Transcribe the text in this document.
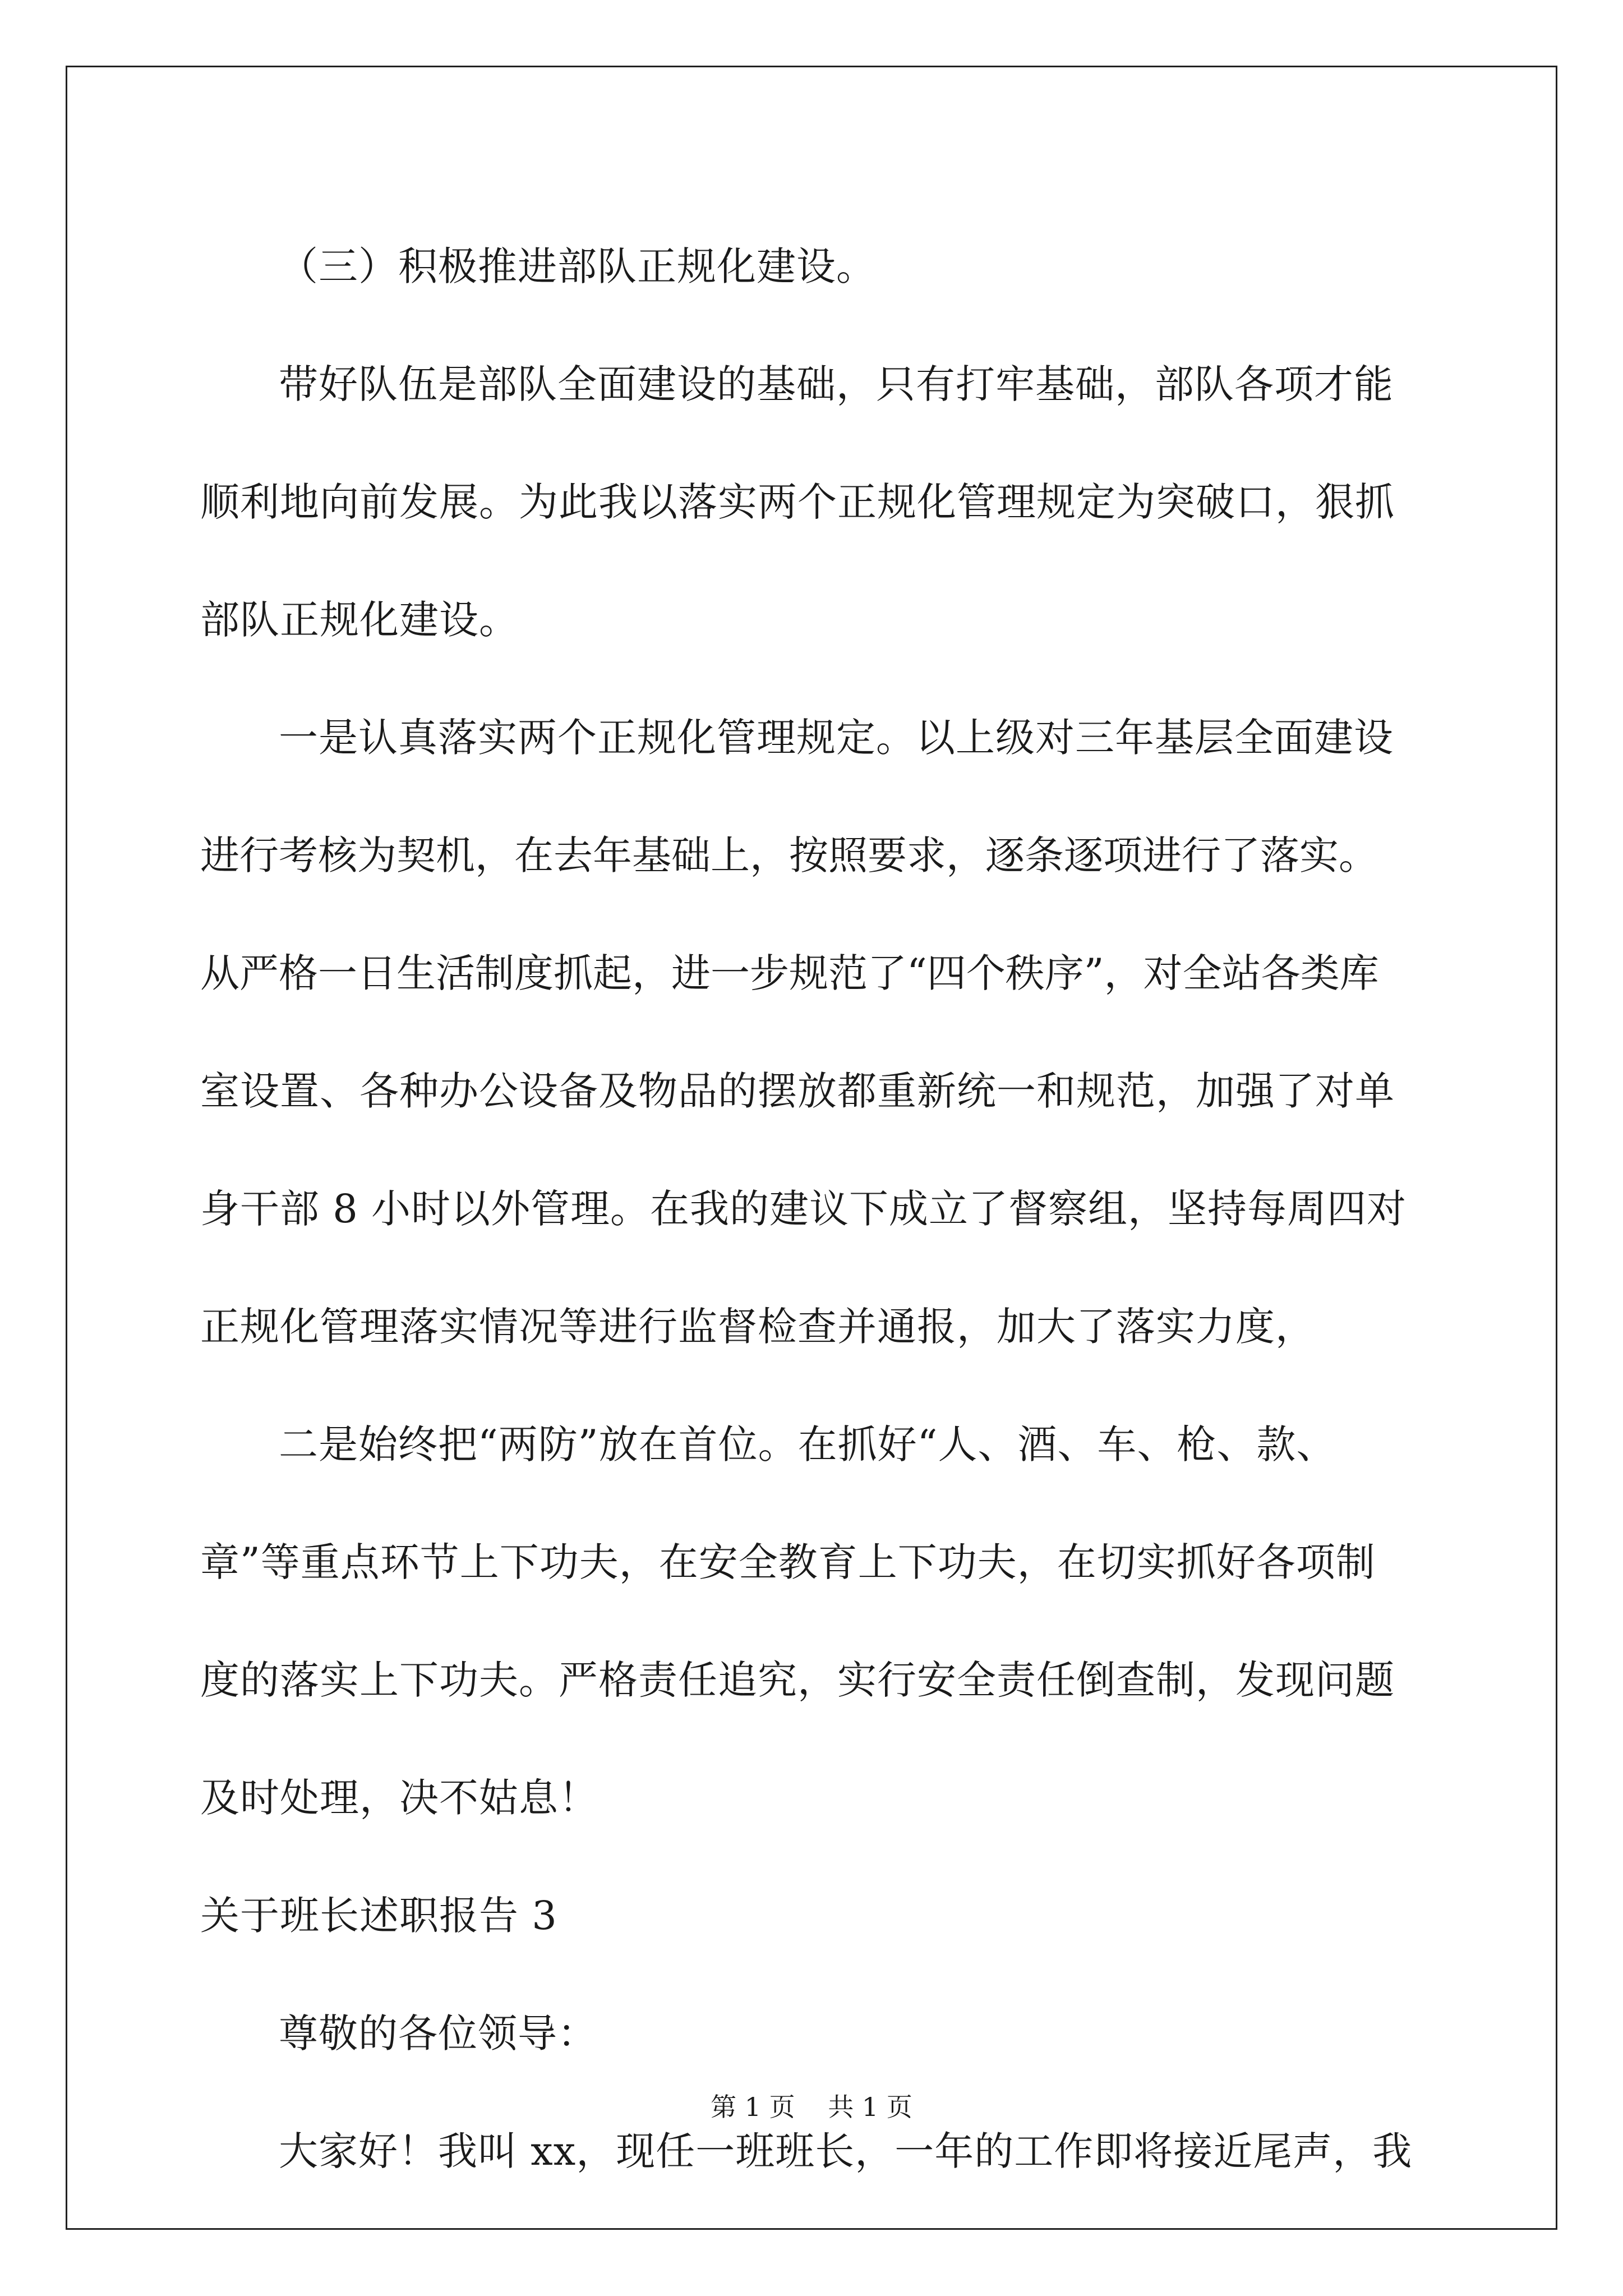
（三）积极推进部队正规化建设。
带好队伍是部队全面建设的基础，只有打牢基础，部队各项才能
顺利地向前发展。为此我以落实两个正规化管理规定为突破口，狠抓
部队正规化建设。
一是认真落实两个正规化管理规定。以上级对三年基层全面建设
进行考核为契机，在去年基础上，按照要求，逐条逐项进行了落实。
从严格一日生活制度抓起，进一步规范了“四个秩序”，对全站各类库
室设置、各种办公设备及物品的摆放都重新统一和规范，加强了对单
身干部 8 小时以外管理。在我的建议下成立了督察组，坚持每周四对
正规化管理落实情况等进行监督检查并通报，加大了落实力度，
二是始终把“两防”放在首位。在抓好“人、酒、车、枪、款、
章”等重点环节上下功夫，在安全教育上下功夫，在切实抓好各项制
度的落实上下功夫。严格责任追究，实行安全责任倒查制，发现问题
及时处理，决不姑息！
关于班长述职报告 3
尊敬的各位领导：
大家好！我叫 xx，现任一班班长，一年的工作即将接近尾声，我
第 1 页 共 1 页
